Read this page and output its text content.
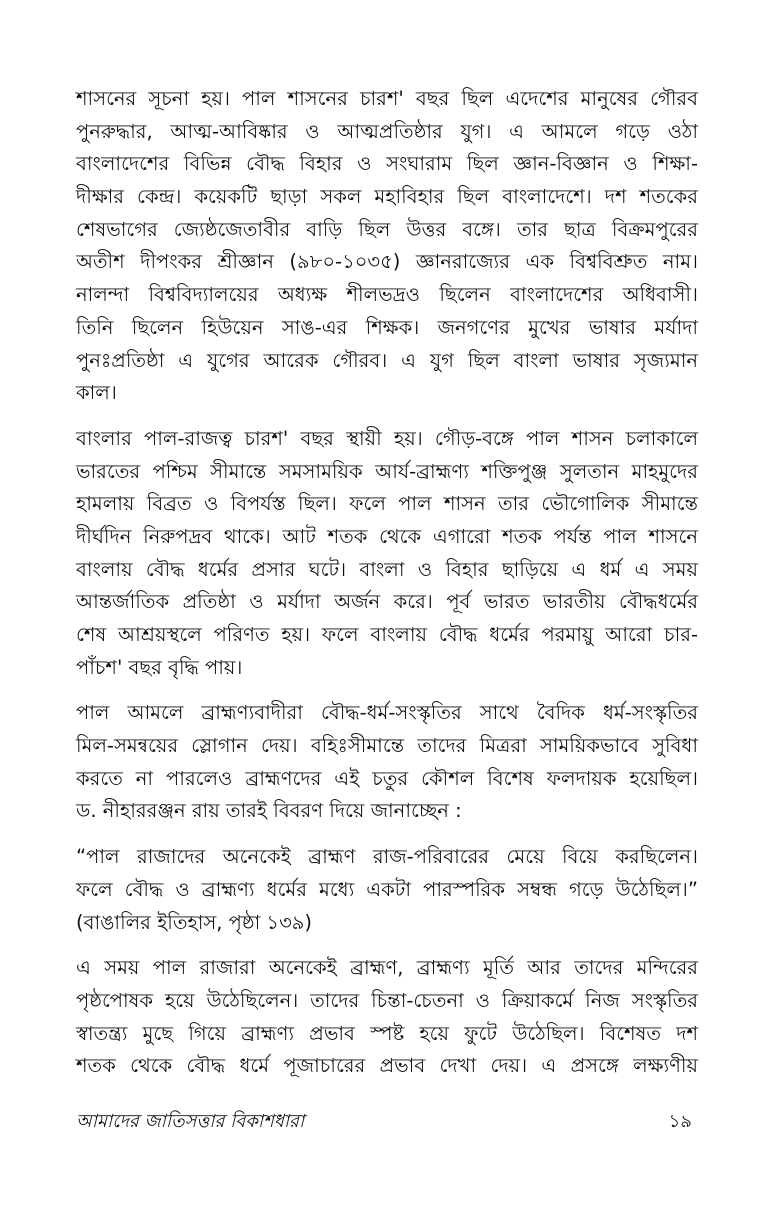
শাসনের সূচনা হয়। পাল শাসনের চারশ' বছর ছিল এদেশের মানুষের গৌরব
পুনরুদ্ধার, আত্ম-আবিষ্কার ও আত্মপ্রতিষ্ঠার যুগ। এ আমলে গড়ে ওঠা
বাংলাদেশের বিভিন্ন বৌদ্ধ বিহার ও সংঘারাম ছিল জ্ঞান-বিজ্ঞান ও শিক্ষা-
দীক্ষার কেন্দ্র। কয়েকটি ছাড়া সকল মহাবিহার ছিল বাংলাদেশে। দশ শতকের
শেষভাগের জ্যেষ্ঠজেতাবীর বাড়ি ছিল উত্তর বঙ্গে। তার ছাত্র বিক্রমপুরের
অতীশ দীপংকর শ্রীজ্ঞান (৯৮০-১০৩৫) জ্ঞানরাজ্যের এক বিশ্ববিশ্রুত নাম।
নালন্দা বিশ্ববিদ্যালয়ের অধ্যক্ষ শীলভদ্রও ছিলেন বাংলাদেশের অধিবাসী।
তিনি ছিলেন হিউয়েন সাঙ-এর শিক্ষক। জনগণের মুখের ভাষার মর্যাদা
পুনঃপ্রতিষ্ঠা এ যুগের আরেক গৌরব। এ যুগ ছিল বাংলা ভাষার সৃজ্যমান
কাল।

বাংলার পাল-রাজত্ব চারশ' বছর স্থায়ী হয়। গৌড়-বঙ্গে পাল শাসন চলাকালে
ভারতের পশ্চিম সীমান্তে সমসাময়িক আর্য-ব্রাহ্মণ্য শক্তিপুঞ্জ সুলতান মাহমুদের
হামলায় বিব্রত ও বিপর্যস্ত ছিল। ফলে পাল শাসন তার ভৌগোলিক সীমান্তে
দীর্ঘদিন নিরুপদ্রব থাকে। আট শতক থেকে এগারো শতক পর্যন্ত পাল শাসনে
বাংলায় বৌদ্ধ ধর্মের প্রসার ঘটে। বাংলা ও বিহার ছাড়িয়ে এ ধর্ম এ সময়
আন্তর্জাতিক প্রতিষ্ঠা ও মর্যাদা অর্জন করে। পূর্ব ভারত ভারতীয় বৌদ্ধধর্মের
শেষ আশ্রয়স্থলে পরিণত হয়। ফলে বাংলায় বৌদ্ধ ধর্মের পরমায়ু আরো চার-
পাঁচশ' বছর বৃদ্ধি পায়।

পাল আমলে ব্রাহ্মণ্যবাদীরা বৌদ্ধ-ধর্ম-সংস্কৃতির সাথে বৈদিক ধর্ম-সংস্কৃতির
মিল-সমন্বয়ের স্লোগান দেয়। বহিঃসীমান্তে তাদের মিত্ররা সাময়িকভাবে সুবিধা
করতে না পারলেও ব্রাহ্মণদের এই চতুর কৌশল বিশেষ ফলদায়ক হয়েছিল।
ড. নীহাররঞ্জন রায় তারই বিবরণ দিয়ে জানাচ্ছেন :

“পাল রাজাদের অনেকেই ব্রাহ্মণ রাজ-পরিবারের মেয়ে বিয়ে করছিলেন।
ফলে বৌদ্ধ ও ব্রাহ্মণ্য ধর্মের মধ্যে একটা পারস্পরিক সম্বন্ধ গড়ে উঠেছিল।”
(বাঙালির ইতিহাস, পৃষ্ঠা ১৩৯)

এ সময় পাল রাজারা অনেকেই ব্রাহ্মণ, ব্রাহ্মণ্য মূর্তি আর তাদের মন্দিরের
পৃষ্ঠপোষক হয়ে উঠেছিলেন। তাদের চিন্তা-চেতনা ও ক্রিয়াকর্মে নিজ সংস্কৃতির
স্বাতন্ত্র্য মুছে গিয়ে ব্রাহ্মণ্য প্রভাব স্পষ্ট হয়ে ফুটে উঠেছিল। বিশেষত দশ
শতক থেকে বৌদ্ধ ধর্মে পূজাচারের প্রভাব দেখা দেয়। এ প্রসঙ্গে লক্ষ্যণীয়

আমাদের জাতিসত্তার বিকাশধারা	১৯
